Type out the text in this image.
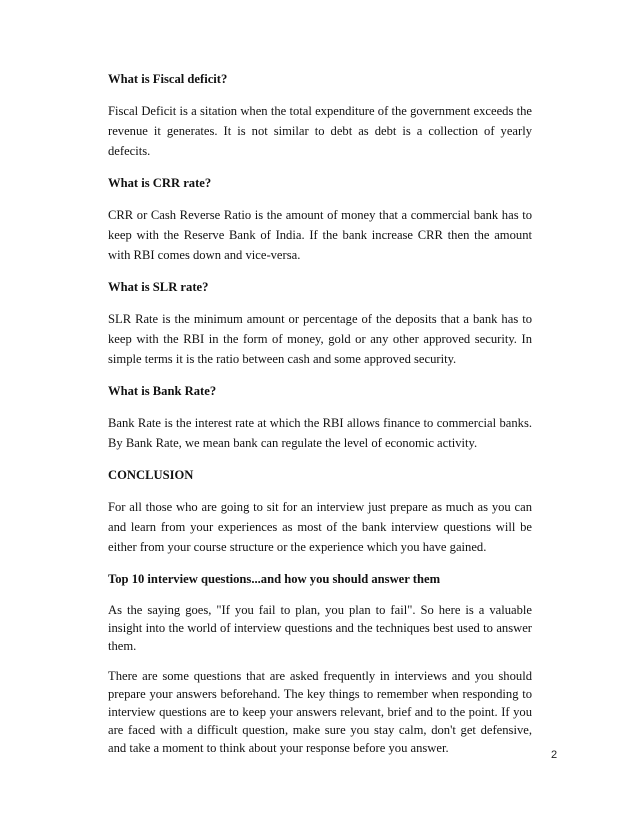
What is Fiscal deficit?
Fiscal Deficit is a sitation when the total expenditure of the government exceeds the revenue it generates. It is not similar to debt as debt is a collection of yearly defecits.
What is CRR rate?
CRR or Cash Reverse Ratio is the amount of money that a commercial bank has to keep with the Reserve Bank of India. If the bank increase CRR then the amount with RBI comes down and vice-versa.
What is SLR rate?
SLR Rate is the minimum amount or percentage of the deposits that a bank has to keep with the RBI in the form of money, gold or any other approved security. In simple terms it is the ratio between cash and some approved security.
What is Bank Rate?
Bank Rate is the interest rate at which the RBI allows finance to commercial banks. By Bank Rate, we mean bank can regulate the level of economic activity.
CONCLUSION
For all those who are going to sit for an interview just prepare as much as you can and learn from your experiences as most of the bank interview questions will be either from your course structure or the experience which you have gained.
Top 10 interview questions...and how you should answer them
As the saying goes, "If you fail to plan, you plan to fail". So here is a valuable insight into the world of interview questions and the techniques best used to answer them.
There are some questions that are asked frequently in interviews and you should prepare your answers beforehand. The key things to remember when responding to interview questions are to keep your answers relevant, brief and to the point. If you are faced with a difficult question, make sure you stay calm, don't get defensive, and take a moment to think about your response before you answer.	2
